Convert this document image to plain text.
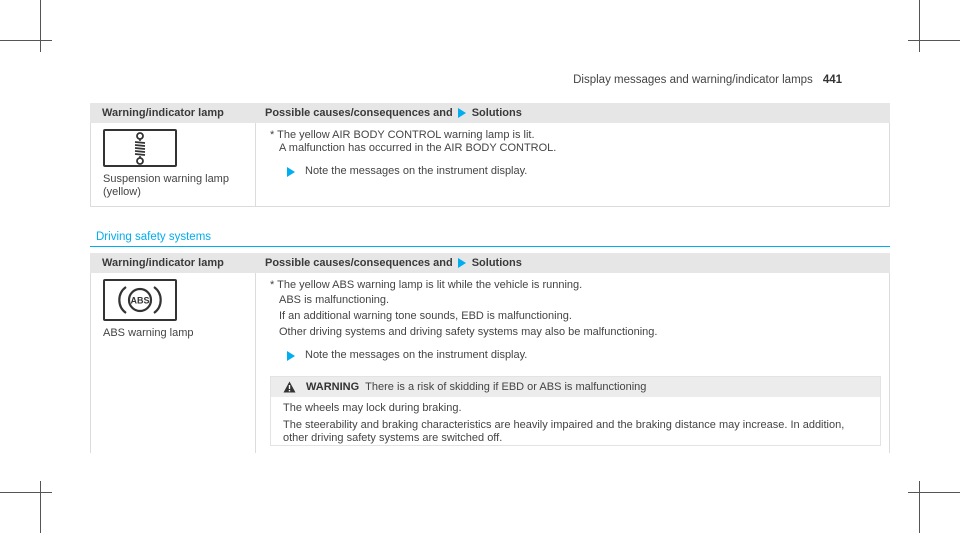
Display messages and warning/indicator lamps 441
Warning/indicator lamp	Possible causes/consequences and Solutions
Suspension warning lamp
(yellow)
* The yellow AIR BODY CONTROL warning lamp is lit.
A malfunction has occurred in the AIR BODY CONTROL.
Note the messages on the instrument display.
Driving safety systems
Warning/indicator lamp	Possible causes/consequences and Solutions
ABS
ABS warning lamp
* The yellow ABS warning lamp is lit while the vehicle is running.
ABS is malfunctioning.
If an additional warning tone sounds, EBD is malfunctioning.
Other driving systems and driving safety systems may also be malfunctioning.
Note the messages on the instrument display.
WARNING There is a risk of skidding if EBD or ABS is malfunctioning
The wheels may lock during braking.
The steerability and braking characteristics are heavily impaired and the braking distance may increase. In addition,
other driving safety systems are switched off.
